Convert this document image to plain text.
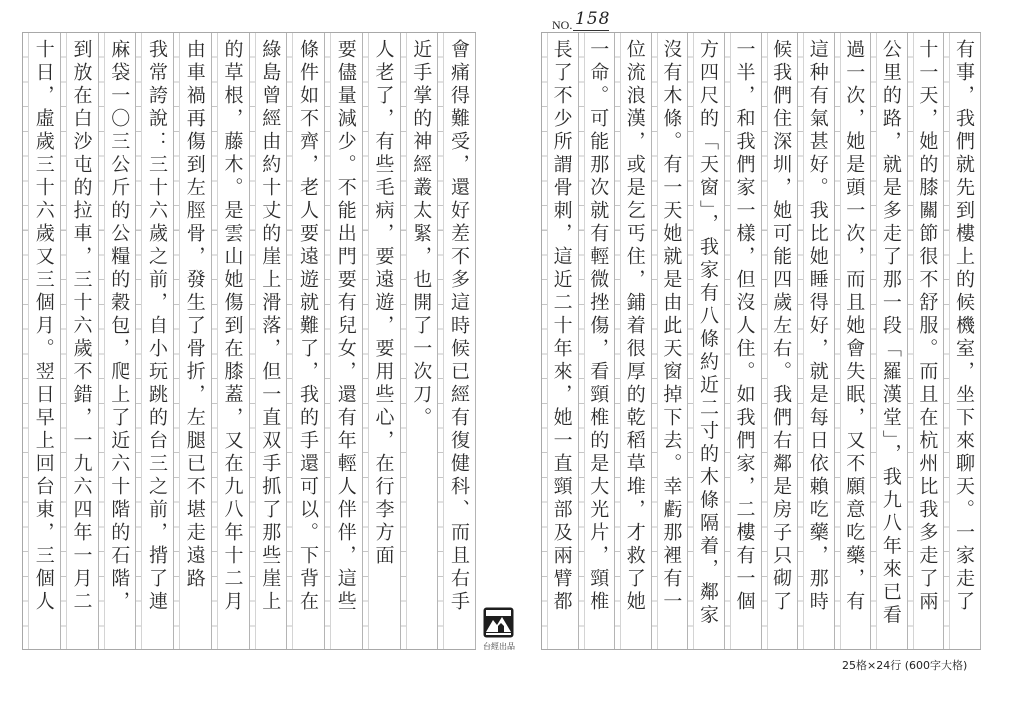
NO. 158
會痛得難受，還好差不多這時候已經有復健科、而且右手
近手掌的神經叢太緊，也開了一次刀。
人老了，有些毛病，要遠遊，要用些心，在行李方面
要儘量減少。不能出門要有兒女，還有年輕人伴伴，這些
條件如不齊，老人要遠遊就難了，我的手還可以。下背在
綠島曾經由約十丈的崖上滑落，但一直双手抓了那些崖上
的草根，藤木。是雲山她傷到在膝蓋，又在九八年十二月
由車禍再傷到左脛骨，發生了骨折，左腿已不堪走遠路
我常誇說：三十六歲之前，自小玩跳的台三之前，揹了連
麻袋一〇三公斤的公糧的穀包，爬上了近六十階的石階，
到放在白沙屯的拉車，三十六歲不錯，一九六四年一月二
十日，虛歲三十六歲又三個月。翌日早上回台東，三個人	有事，我們就先到樓上的候機室，坐下來聊天。一家走了
十一天，她的膝關節很不舒服。而且在杭州比我多走了兩
公里的路，就是多走了那一段「羅漢堂」，我九八年來已看
過一次，她是頭一次，而且她會失眠，又不願意吃藥，有
這种有氣甚好。我比她睡得好，就是每日依賴吃藥，那時
候我們住深圳，她可能四歲左右。我們右鄰是房子只砌了
一半，和我們家一樣，但沒人住。如我們家，二樓有一個
方四尺的「天窗」，我家有八條約近二寸的木條隔着，鄰家
沒有木條。有一天她就是由此天窗掉下去。幸虧那裡有一
位流浪漢，或是乞丐住，鋪着很厚的乾稻草堆，才救了她
一命。可能那次就有輕微挫傷，看頸椎的是大光片，頸椎
長了不少所謂骨刺，這近二十年來，她一直頸部及兩臂都
台經出品
25格×24行 (600字大格)
